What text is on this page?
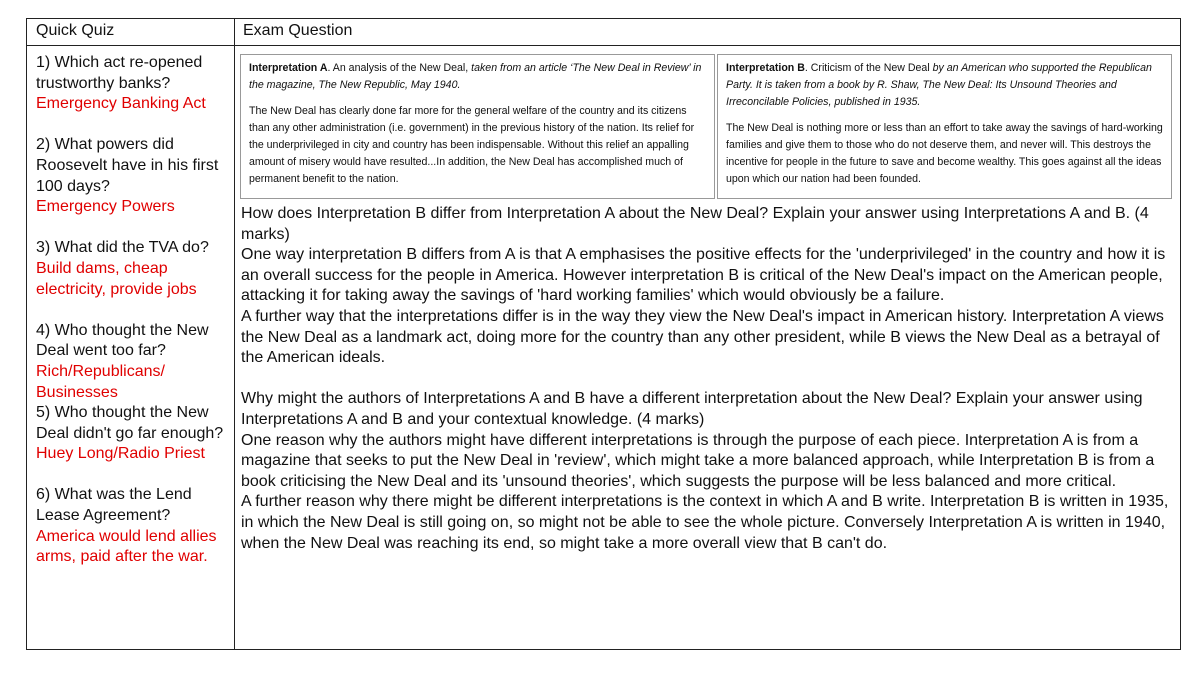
Quick Quiz	Exam Question
1) Which act re-opened trustworthy banks?
Emergency Banking Act
2) What powers did Roosevelt have in his first 100 days?
Emergency Powers
3) What did the TVA do?
Build dams, cheap electricity, provide jobs
4) Who thought the New Deal went too far?
Rich/Republicans/ Businesses
5) Who thought the New Deal didn't go far enough?
Huey Long/Radio Priest
6) What was the Lend Lease Agreement?
America would lend allies arms, paid after the war.
Interpretation A. An analysis of the New Deal, taken from an article ‘The New Deal in Review’ in the magazine, The New Republic, May 1940.
The New Deal has clearly done far more for the general welfare of the country and its citizens than any other administration (i.e. government) in the previous history of the nation. Its relief for the underprivileged in city and country has been indispensable. Without this relief an appalling amount of misery would have resulted...In addition, the New Deal has accomplished much of permanent benefit to the nation.
Interpretation B. Criticism of the New Deal by an American who supported the Republican Party. It is taken from a book by R. Shaw, The New Deal: Its Unsound Theories and Irreconcilable Policies, published in 1935.
The New Deal is nothing more or less than an effort to take away the savings of hard-working families and give them to those who do not deserve them, and never will. This destroys the incentive for people in the future to save and become wealthy. This goes against all the ideas upon which our nation had been founded.

How does Interpretation B differ from Interpretation A about the New Deal? Explain your answer using Interpretations A and B. (4 marks)

One way interpretation B differs from A is that A emphasises the positive effects for the 'underprivileged' in the country and how it is an overall success for the people in America. However interpretation B is critical of the New Deal's impact on the American people, attacking it for taking away the savings of 'hard working families' which would obviously be a failure.

A further way that the interpretations differ is in the way they view the New Deal's impact in American history. Interpretation A views the New Deal as a landmark act, doing more for the country than any other president, while B views the New Deal as a betrayal of the American ideals.

Why might the authors of Interpretations A and B have a different interpretation about the New Deal? Explain your answer using Interpretations A and B and your contextual knowledge. (4 marks)

One reason why the authors might have different interpretations is through the purpose of each piece. Interpretation A is from a magazine that seeks to put the New Deal in 'review', which might take a more balanced approach, while Interpretation B is from a book criticising the New Deal and its 'unsound theories', which suggests the purpose will be less balanced and more critical.

A further reason why there might be different interpretations is the context in which A and B write. Interpretation B is written in 1935, in which the New Deal is still going on, so might not be able to see the whole picture. Conversely Interpretation A is written in 1940, when the New Deal was reaching its end, so might take a more overall view that B can't do.
